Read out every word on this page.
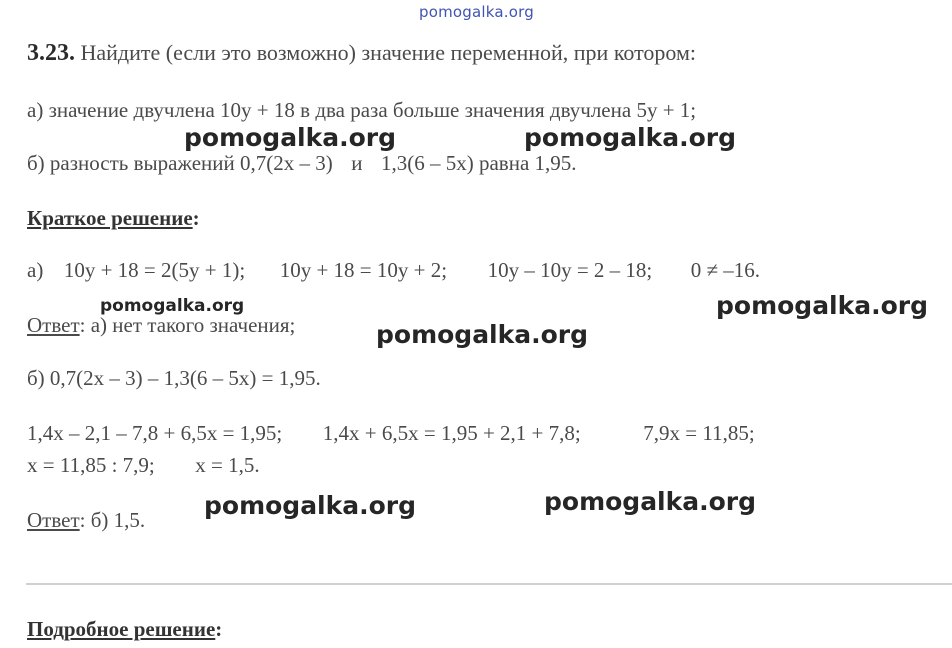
pomogalka.org
3.23. Найдите (если это возможно) значение переменной, при котором:
а) значение двучлена 10у + 18 в два раза больше значения двучлена 5у + 1;
б) разность выражений 0,7(2х – 3) и 1,3(6 – 5х) равна 1,95.
Краткое решение:
а) 10у + 18 = 2(5у + 1); 10у + 18 = 10у + 2; 10у – 10у = 2 – 18; 0 ≠ –16.
Ответ: а) нет такого значения;
б) 0,7(2х – 3) – 1,3(6 – 5х) = 1,95.
1,4х – 2,1 – 7,8 + 6,5х = 1,95; 1,4х + 6,5х = 1,95 + 2,1 + 7,8;	7,9х = 11,85;
х = 11,85 : 7,9; х = 1,5.
Ответ: б) 1,5.
Подробное решение:
pomogalka.org	pomogalka.org
pomogalka.org	pomogalka.org
pomogalka.org
pomogalka.org	pomogalka.org
